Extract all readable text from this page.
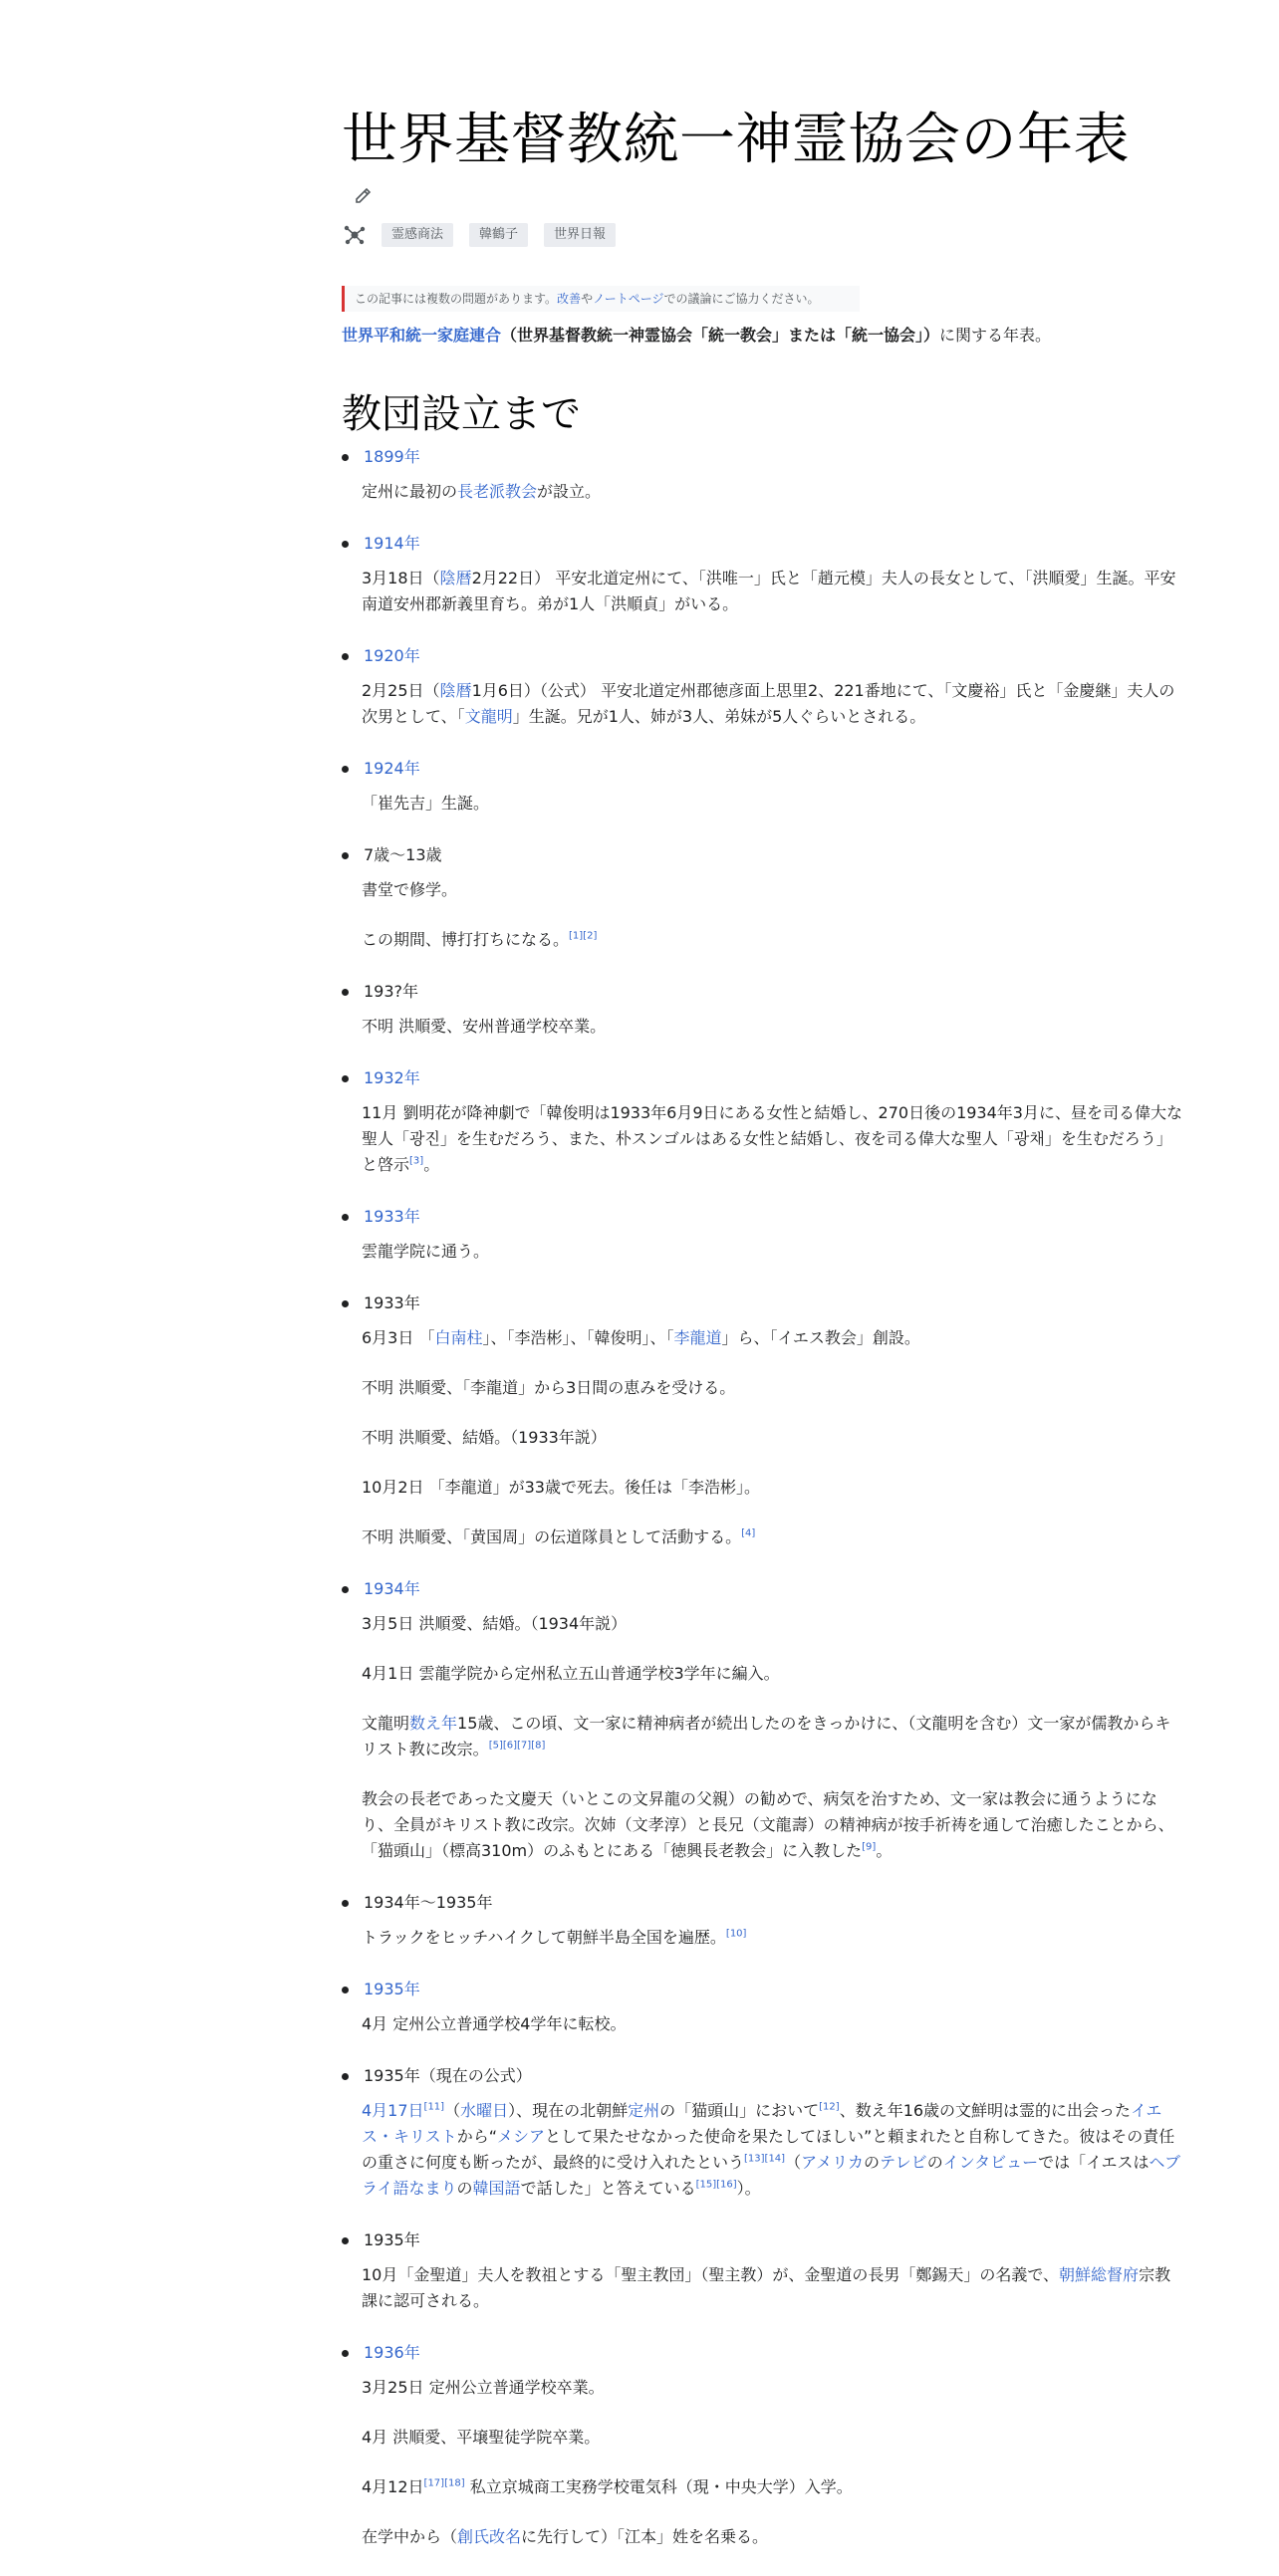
世界基督教統一神霊協会の年表
霊感商法	韓鶴子	世界日報
この記事には複数の問題があります。改善やノートページでの議論にご協力ください。
世界平和統一家庭連合（世界基督教統一神霊協会「統一教会」または「統一協会」）に関する年表。
教団設立まで
1899年
定州に最初の長老派教会が設立。
1914年
3月18日（陰暦2月22日） 平安北道定州にて、「洪唯一」氏と「趙元模」夫人の長女として、「洪順愛」生誕。平安南道安州郡新義里育ち。弟が1人「洪順貞」がいる。
1920年
2月25日（陰暦1月6日）（公式） 平安北道定州郡徳彦面上思里2、221番地にて、「文慶裕」氏と「金慶継」夫人の次男として、「文龍明」生誕。兄が1人、姉が3人、弟妹が5人ぐらいとされる。
1924年
「崔先吉」生誕。
7歳〜13歳
書堂で修学。
この期間、博打打ちになる。[1][2]
193?年
不明 洪順愛、安州普通学校卒業。
1932年
11月 劉明花が降神劇で「韓俊明は1933年6月9日にある女性と結婚し、270日後の1934年3月に、昼を司る偉大な聖人「광진」を生むだろう、また、朴スンゴルはある女性と結婚し、夜を司る偉大な聖人「광채」を生むだろう」と啓示[3]。
1933年
雲龍学院に通う。
1933年
6月3日 「白南柱」、「李浩彬」、「韓俊明」、「李龍道」ら、「イエス教会」創設。
不明 洪順愛、「李龍道」から3日間の恵みを受ける。
不明 洪順愛、結婚。（1933年説）
10月2日 「李龍道」が33歳で死去。後任は「李浩彬」。
不明 洪順愛、「黄国周」の伝道隊員として活動する。[4]
1934年
3月5日 洪順愛、結婚。（1934年説）
4月1日 雲龍学院から定州私立五山普通学校3学年に編入。
文龍明数え年15歳、この頃、文一家に精神病者が続出したのをきっかけに、（文龍明を含む）文一家が儒教からキリスト教に改宗。[5][6][7][8]
教会の長老であった文慶天（いとこの文昇龍の父親）の勧めで、病気を治すため、文一家は教会に通うようになり、全員がキリスト教に改宗。次姉（文孝淳）と長兄（文龍壽）の精神病が按手祈祷を通して治癒したことから、「猫頭山」（標高310m）のふもとにある「徳興長老教会」に入教した[9]。
1934年〜1935年
トラックをヒッチハイクして朝鮮半島全国を遍歴。[10]
1935年
4月 定州公立普通学校4学年に転校。
1935年（現在の公式）
4月17日[11]（水曜日）、現在の北朝鮮定州の「猫頭山」において[12]、数え年16歳の文鮮明は霊的に出会ったイエス・キリストから“メシアとして果たせなかった使命を果たしてほしい”と頼まれたと自称してきた。彼はその責任の重さに何度も断ったが、最終的に受け入れたという[13][14]（アメリカのテレビのインタビューでは「イエスはヘブライ語なまりの韓国語で話した」と答えている[15][16]）。
1935年
10月「金聖道」夫人を教祖とする「聖主教団」（聖主教）が、金聖道の長男「鄭錫天」の名義で、朝鮮総督府宗教課に認可される。
1936年
3月25日 定州公立普通学校卒業。
4月 洪順愛、平壌聖徒学院卒業。
4月12日[17][18] 私立京城商工実務学校電気科（現・中央大学）入学。
在学中から（創氏改名に先行して）「江本」姓を名乗る。
